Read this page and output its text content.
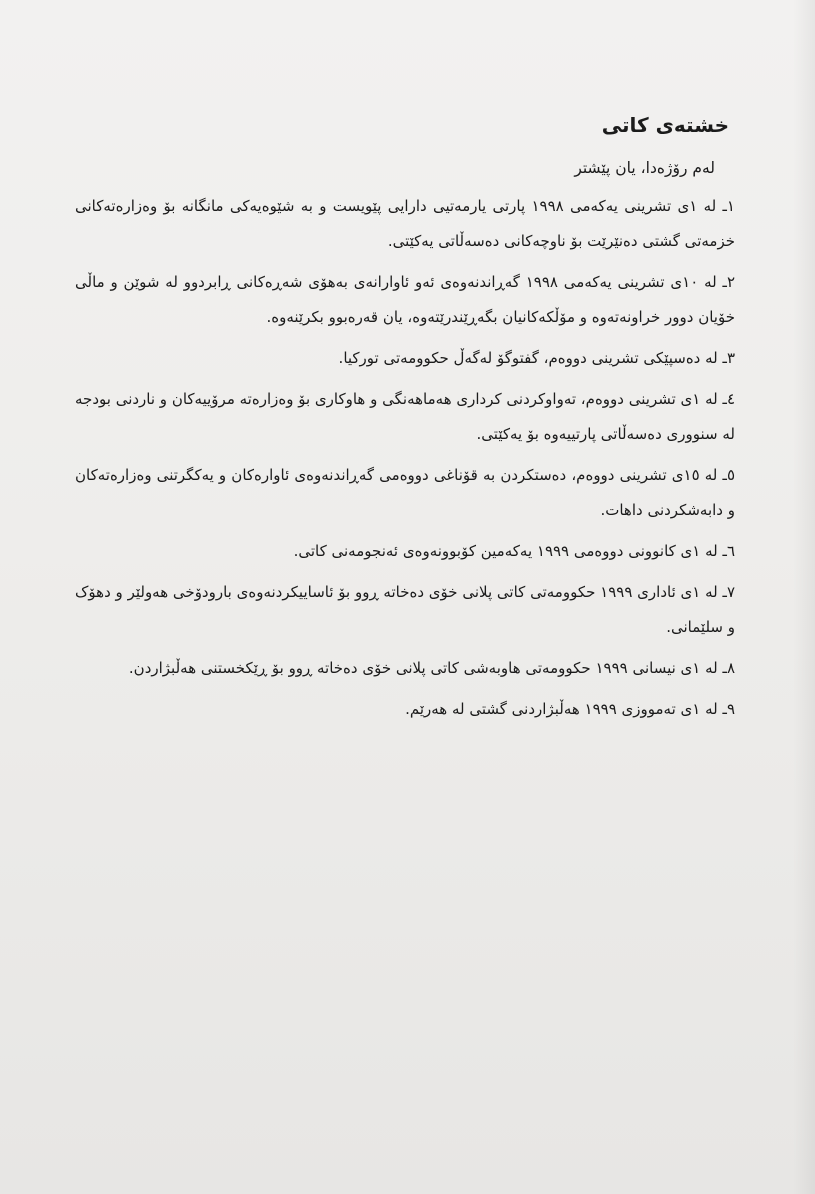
خشتەی کاتی
لەم رۆژەدا، یان پێشتر

١ـ لە ١ی تشرینی یەکەمی ١٩٩٨ پارتی یارمەتیی دارایی پێویست و بە شێوەیەکی مانگانە بۆ وەزارەتەکانی خزمەتی گشتی دەنێرێت بۆ ناوچەکانی دەسەڵاتی یەکێتی.

٢ـ لە ١٠ی تشرینی یەکەمی ١٩٩٨ گەڕاندنەوەی ئەو ئاوارانەی بەهۆی شەڕەکانی ڕابردوو لە شوێن و ماڵی خۆیان دوور خراونەتەوە و مۆڵکەکانیان بگەڕێندرێتەوە، یان قەرەبوو بکرێنەوە.

٣ـ لە دەسپێکی تشرینی دووەم، گفتوگۆ لەگەڵ حکوومەتی تورکیا.

٤ـ لە ١ی تشرینی دووەم، تەواوکردنی کرداری هەماهەنگی و هاوکاری بۆ وەزارەتە مرۆییەکان و ناردنی بودجە لە سنووری دەسەڵاتی پارتییەوە بۆ یەکێتی.

٥ـ لە ١٥ی تشرینی دووەم، دەستکردن بە قۆناغی دووەمی گەڕاندنەوەی ئاوارەکان و یەکگرتنی وەزارەتەکان و دابەشکردنی داهات.

٦ـ لە ١ی کانوونی دووەمی ١٩٩٩ یەکەمین کۆبوونەوەی ئەنجومەنی کاتی.

٧ـ لە ١ی ئاداری ١٩٩٩ حکوومەتی کاتی پلانی خۆی دەخاتە ڕوو بۆ ئاساییکردنەوەی بارودۆخی هەولێر و دهۆک و سلێمانی.

٨ـ لە ١ی نیسانی ١٩٩٩ حکوومەتی هاوبەشی کاتی پلانی خۆی دەخاتە ڕوو بۆ ڕێکخستنی هەڵبژاردن.

٩ـ لە ١ی تەمووزی ١٩٩٩ هەڵبژاردنی گشتی لە هەرێم.
